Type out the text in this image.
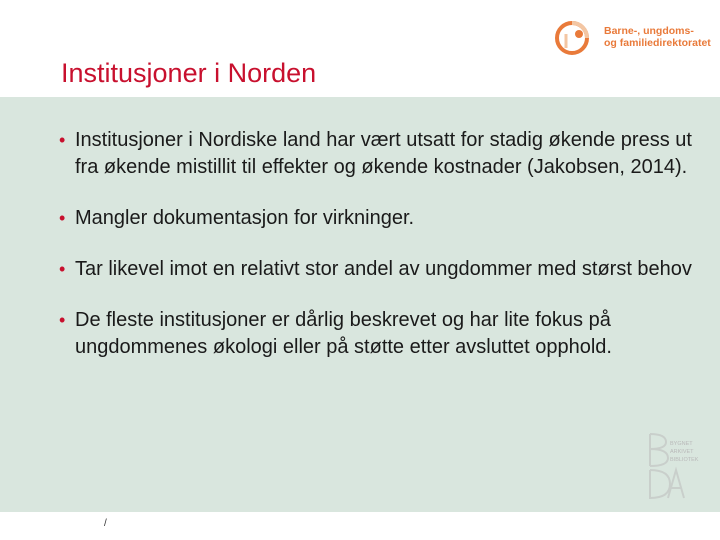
Institusjoner i Norden
Barne-, ungdoms-
og familiedirektoratet
• Institusjoner i Nordiske land har vært utsatt for stadig økende press ut fra økende mistillit til effekter og økende kostnader (Jakobsen, 2014).
• Mangler dokumentasjon for virkninger.
• Tar likevel imot en relativt stor andel av ungdommer med størst behov
• De fleste institusjoner er dårlig beskrevet og har lite fokus på ungdommenes økologi eller på støtte etter avsluttet opphold.
BYGNET
ARKIVET
BIBLIOTEK
/
